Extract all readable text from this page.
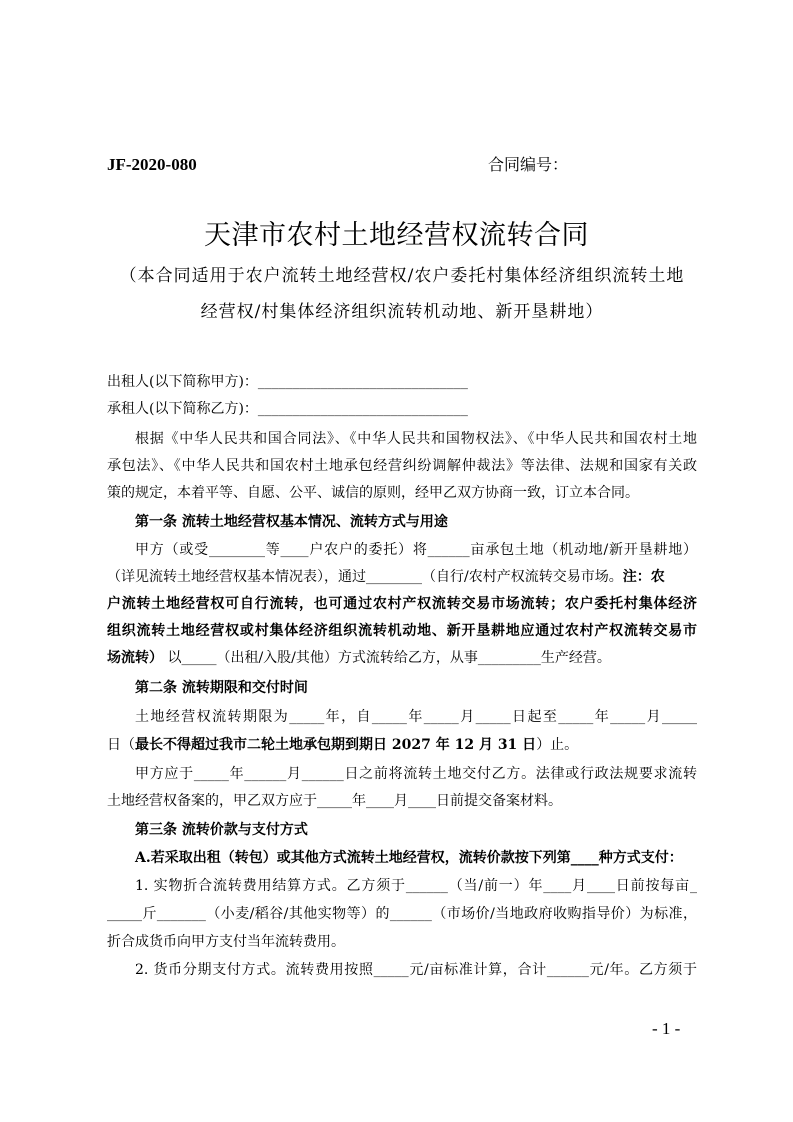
JF-2020-080	合同编号：
天津市农村土地经营权流转合同
（本合同适用于农户流转土地经营权/农户委托村集体经济组织流转土地
经营权/村集体经济组织流转机动地、新开垦耕地）
出租人(以下简称甲方)：______________________________
承租人(以下简称乙方)：______________________________
根据《中华人民共和国合同法》、《中华人民共和国物权法》、《中华人民共和国农村土地
承包法》、《中华人民共和国农村土地承包经营纠纷调解仲裁法》等法律、法规和国家有关政
策的规定，本着平等、自愿、公平、诚信的原则，经甲乙双方协商一致，订立本合同。
第一条 流转土地经营权基本情况、流转方式与用途
甲方（或受________等____户农户的委托）将______亩承包土地（机动地/新开垦耕地）
（详见流转土地经营权基本情况表），通过________（自行/农村产权流转交易市场。注：农
户流转土地经营权可自行流转，也可通过农村产权流转交易市场流转；农户委托村集体经济
组织流转土地经营权或村集体经济组织流转机动地、新开垦耕地应通过农村产权流转交易市
场流转） 以_____（出租/入股/其他）方式流转给乙方，从事_________生产经营。
第二条 流转期限和交付时间
土地经营权流转期限为_____年，自_____年_____月_____日起至_____年_____月_____
日（最长不得超过我市二轮土地承包期到期日 2027 年 12 月 31 日）止。
甲方应于_____年______月______日之前将流转土地交付乙方。法律或行政法规要求流转
土地经营权备案的，甲乙双方应于_____年____月____日前提交备案材料。
第三条 流转价款与支付方式
A.若采取出租（转包）或其他方式流转土地经营权，流转价款按下列第____种方式支付：
1. 实物折合流转费用结算方式。乙方须于______（当/前一）年____月____日前按每亩_
_____斤_______（小麦/稻谷/其他实物等）的______（市场价/当地政府收购指导价）为标准，
折合成货币向甲方支付当年流转费用。
2. 货币分期支付方式。流转费用按照_____元/亩标准计算，合计______元/年。乙方须于
- 1 -
